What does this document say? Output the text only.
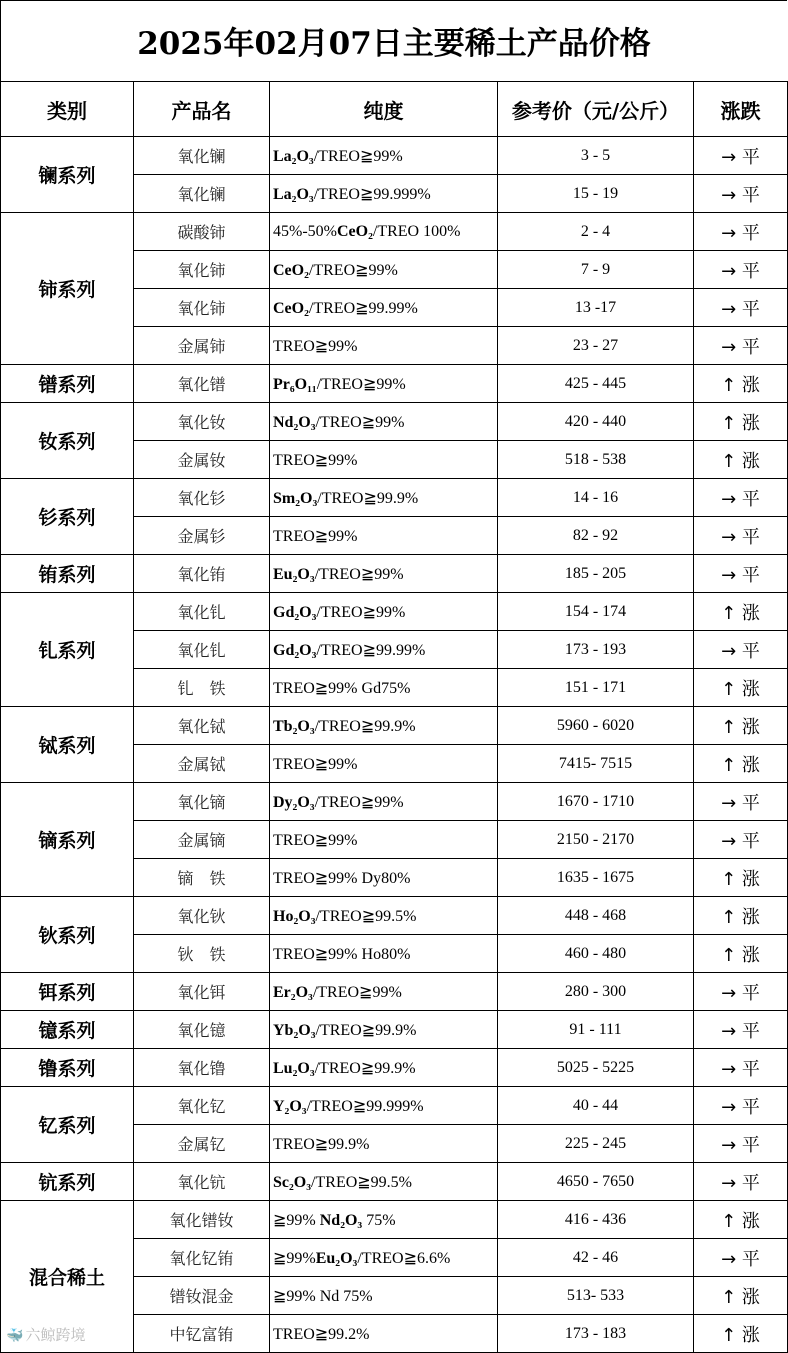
2025年02月07日主要稀土产品价格
类别	产品名	纯度	参考价（元/公斤）	涨跌
镧系列	氧化镧	La₂O₃/TREO≧99%	3 - 5	→ 平
	氧化镧	La₂O₃/TREO≧99.999%	15 - 19	→ 平
铈系列	碳酸铈	45%-50%CeO₂/TREO 100%	2 - 4	→ 平
	氧化铈	CeO₂/TREO≧99%	7 - 9	→ 平
	氧化铈	CeO₂/TREO≧99.99%	13 -17	→ 平
	金属铈	TREO≧99%	23 - 27	→ 平
镨系列	氧化镨	Pr₆O₁₁/TREO≧99%	425 - 445	↑ 涨
钕系列	氧化钕	Nd₂O₃/TREO≧99%	420 - 440	↑ 涨
	金属钕	TREO≧99%	518 - 538	↑ 涨
钐系列	氧化钐	Sm₂O₃/TREO≧99.9%	14 - 16	→ 平
	金属钐	TREO≧99%	82 - 92	→ 平
铕系列	氧化铕	Eu₂O₃/TREO≧99%	185 - 205	→ 平
钆系列	氧化钆	Gd₂O₃/TREO≧99%	154 - 174	↑ 涨
	氧化钆	Gd₂O₃/TREO≧99.99%	173 - 193	→ 平
	钆　铁	TREO≧99% Gd75%	151 - 171	↑ 涨
铽系列	氧化铽	Tb₂O₃/TREO≧99.9%	5960 - 6020	↑ 涨
	金属铽	TREO≧99%	7415- 7515	↑ 涨
镝系列	氧化镝	Dy₂O₃/TREO≧99%	1670 - 1710	→ 平
	金属镝	TREO≧99%	2150 - 2170	→ 平
	镝　铁	TREO≧99% Dy80%	1635 - 1675	↑ 涨
钬系列	氧化钬	Ho₂O₃/TREO≧99.5%	448 - 468	↑ 涨
	钬　铁	TREO≧99% Ho80%	460 - 480	↑ 涨
铒系列	氧化铒	Er₂O₃/TREO≧99%	280 - 300	→ 平
镱系列	氧化镱	Yb₂O₃/TREO≧99.9%	91 - 111	→ 平
镥系列	氧化镥	Lu₂O₃/TREO≧99.9%	5025 - 5225	→ 平
钇系列	氧化钇	Y₂O₃/TREO≧99.999%	40 - 44	→ 平
	金属钇	TREO≧99.9%	225 - 245	→ 平
钪系列	氧化钪	Sc₂O₃/TREO≧99.5%	4650 - 7650	→ 平
混合稀土	氧化镨钕	≧99% Nd₂O₃ 75%	416 - 436	↑ 涨
	氧化钇铕	≧99%Eu₂O₃/TREO≧6.6%	42 - 46	→ 平
	镨钕混金	≧99% Nd 75%	513- 533	↑ 涨
	中钇富铕	TREO≧99.2%	173 - 183	↑ 涨
🐳 六鲸跨境
